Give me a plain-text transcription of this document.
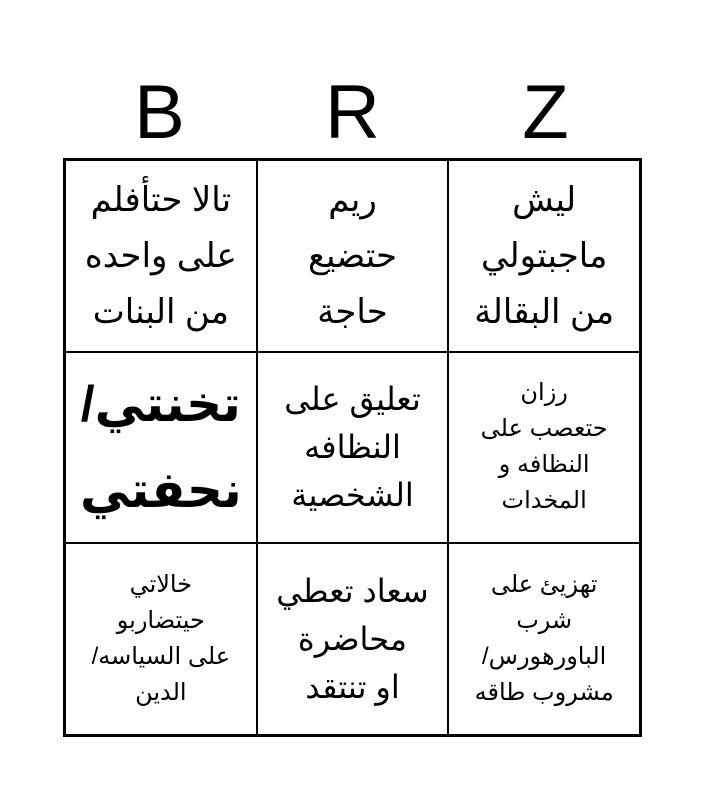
B	R	Z
تالا حتأفلم
على واحده
من البنات
ريم
حتضيع
حاجة
ليش
ماجبتولي
من البقالة
تخنتي/
نحفتي
تعليق على
النظافه
الشخصية
رزان
حتعصب على
النظافه و
المخدات
خالاتي
حيتضاربو
على السياسه/
الدين
سعاد تعطي
محاضرة
او تنتقد
تهزيئ على
شرب
الباورهورس/
مشروب طاقه
